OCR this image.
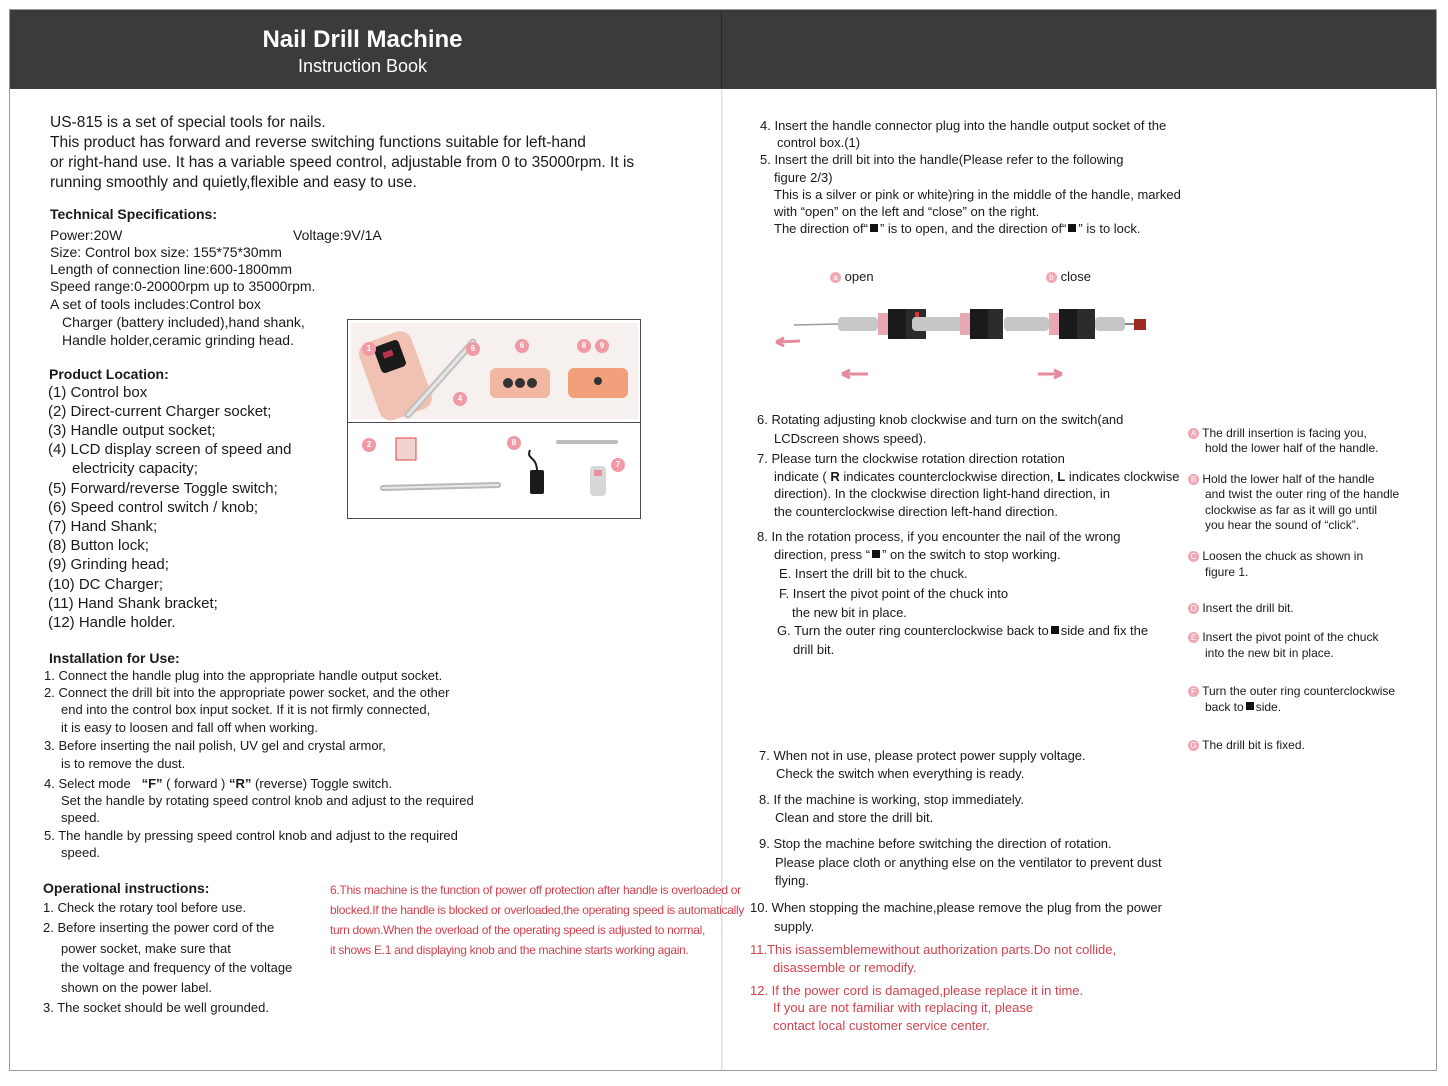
Nail Drill Machine
Instruction Book
US-815 is a set of special tools for nails.
This product has forward and reverse switching functions suitable for left-hand
or right-hand use. It has a variable speed control, adjustable from 0 to 35000rpm. It is
running smoothly and quietly,flexible and easy to use.
Technical Specifications:
Power:20W	Voltage:9V/1A
Size: Control box size: 155*75*30mm
Length of connection line:600-1800mm
Speed range:0-20000rpm up to 35000rpm.
A set of tools includes:Control box
Charger (battery included),hand shank,
Handle holder,ceramic grinding head.
Product Location:
(1) Control box
(2) Direct-current Charger socket;
(3) Handle output socket;
(4) LCD display screen of speed and
electricity capacity;
(5) Forward/reverse Toggle switch;
(6) Speed control switch / knob;
(7) Hand Shank;
(8) Button lock;
(9) Grinding head;
(10) DC Charger;
(11) Hand Shank bracket;
(12) Handle holder.
Installation for Use:
1. Connect the handle plug into the appropriate handle output socket.
2. Connect the drill bit into the appropriate power socket, and the other
end into the control box input socket. If it is not firmly connected,
it is easy to loosen and fall off when working.
3. Before inserting the nail polish, UV gel and crystal armor,
is to remove the dust.
4. Select mode   “F” ( forward ) “R” (reverse) Toggle switch.
Set the handle by rotating speed control knob and adjust to the required
speed.
5. The handle by pressing speed control knob and adjust to the required
speed.
Operational instructions:
1. Check the rotary tool before use.
2. Before inserting the power cord of the
power socket, make sure that
the voltage and frequency of the voltage
shown on the power label.
3. The socket should be well grounded.
6.This machine is the function of power off protection after handle is overloaded or
blocked.If the handle is blocked or overloaded,the operating speed is automatically
turn down.When the overload of the operating speed is adjusted to normal,
it shows E.1 and displaying knob and the machine starts working again.
1	6	6	8	9
4
2	8
7
4. Insert the handle connector plug into the handle output socket of the
control box.(1)
5. Insert the drill bit into the handle(Please refer to the following
figure 2/3)
This is a silver or pink or white)ring in the middle of the handle, marked
with “open” on the left and “close” on the right.
The direction of“ ” is to open, and the direction of“ ” is to lock.
a open	b close
6. Rotating adjusting knob clockwise and turn on the switch(and
LCDscreen shows speed).
7. Please turn the clockwise rotation direction rotation
indicate ( R indicates counterclockwise direction, L indicates clockwise
direction). In the clockwise direction light-hand direction, in
the counterclockwise direction left-hand direction.
8. In the rotation process, if you encounter the nail of the wrong
direction, press “ ” on the switch to stop working.
E. Insert the drill bit to the chuck.
F. Insert the pivot point of the chuck into
the new bit in place.
G. Turn the outer ring counterclockwise back to side and fix the
drill bit.
A The drill insertion is facing you,
hold the lower half of the handle.
B Hold the lower half of the handle
and twist the outer ring of the handle
clockwise as far as it will go until
you hear the sound of “click”.
C Loosen the chuck as shown in
figure 1.
D Insert the drill bit.
E Insert the pivot point of the chuck
into the new bit in place.
F Turn the outer ring counterclockwise
back to side.
G The drill bit is fixed.
7. When not in use, please protect power supply voltage.
Check the switch when everything is ready.
8. If the machine is working, stop immediately.
Clean and store the drill bit.
9. Stop the machine before switching the direction of rotation.
Please place cloth or anything else on the ventilator to prevent dust
flying.
10. When stopping the machine,please remove the plug from the power
supply.
11.This isassemblemewithout authorization parts.Do not collide,
disassemble or remodify.
12. If the power cord is damaged,please replace it in time.
If you are not familiar with replacing it, please
contact local customer service center.
